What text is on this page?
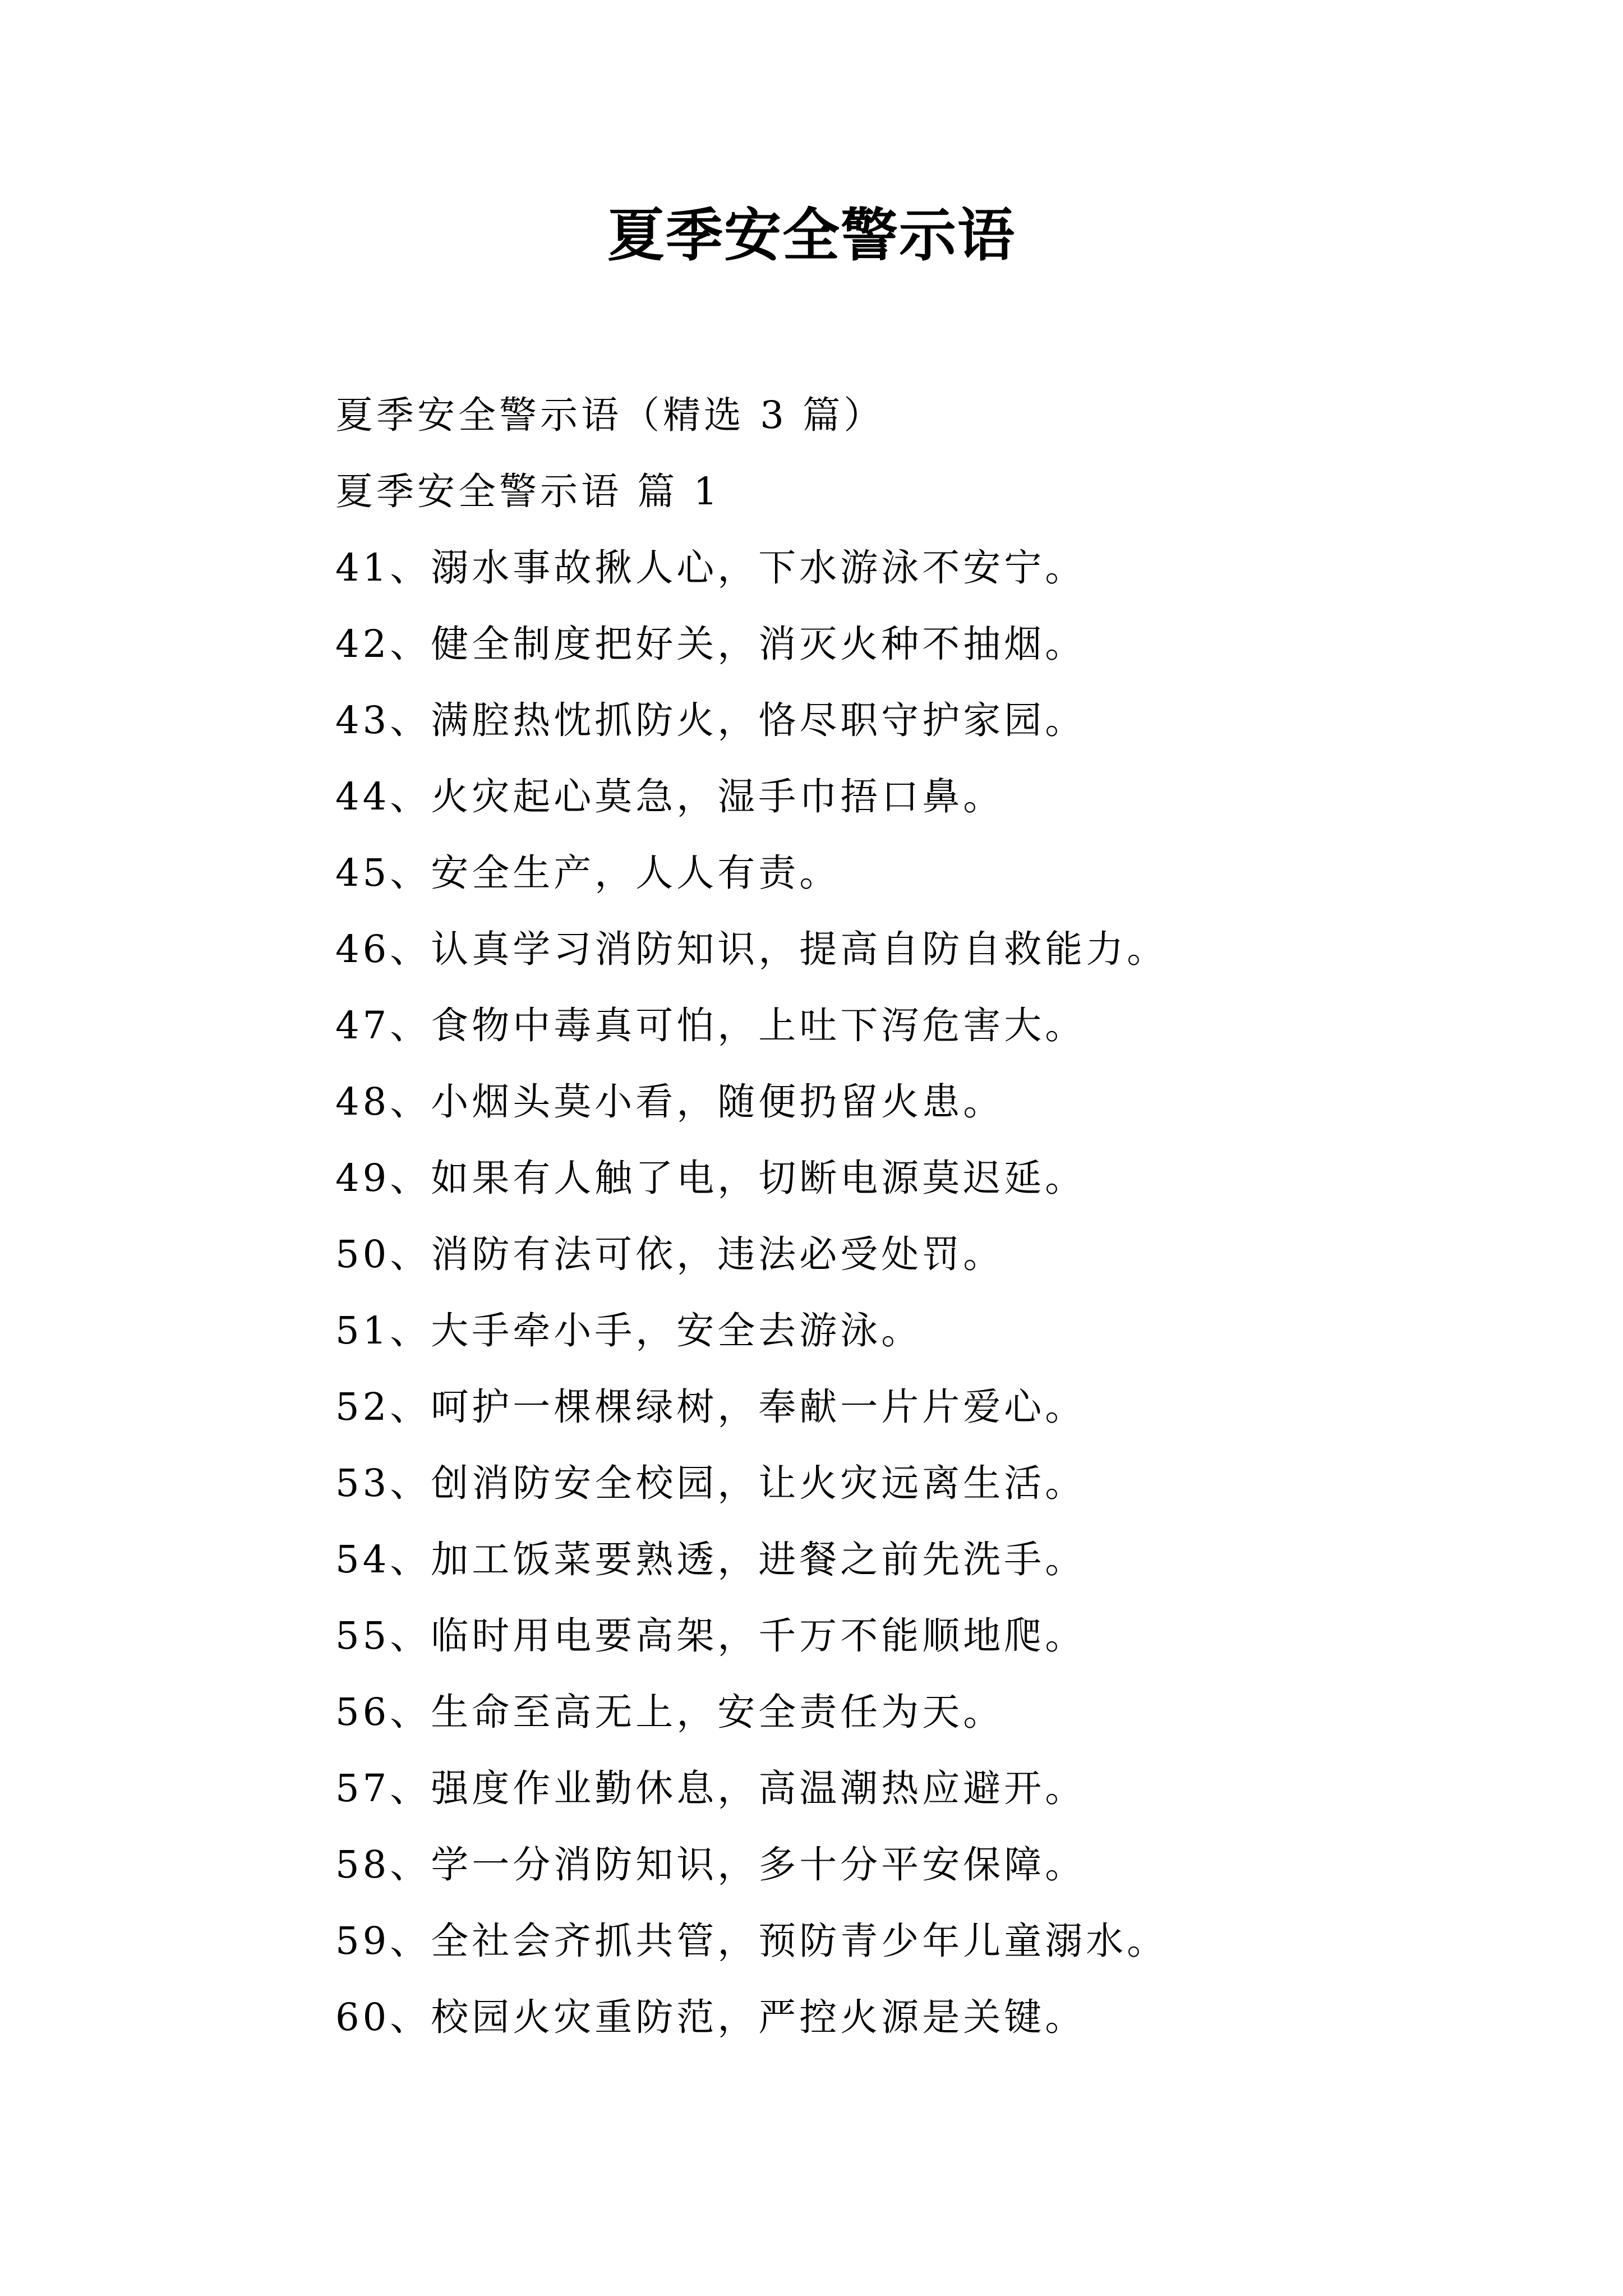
夏季安全警示语
夏季安全警示语（精选 3 篇）
夏季安全警示语 篇 1
41、溺水事故揪人心，下水游泳不安宁。
42、健全制度把好关，消灭火种不抽烟。
43、满腔热忱抓防火，恪尽职守护家园。
44、火灾起心莫急，湿手巾捂口鼻。
45、安全生产，人人有责。
46、认真学习消防知识，提高自防自救能力。
47、食物中毒真可怕，上吐下泻危害大。
48、小烟头莫小看，随便扔留火患。
49、如果有人触了电，切断电源莫迟延。
50、消防有法可依，违法必受处罚。
51、大手牵小手，安全去游泳。
52、呵护一棵棵绿树，奉献一片片爱心。
53、创消防安全校园，让火灾远离生活。
54、加工饭菜要熟透，进餐之前先洗手。
55、临时用电要高架，千万不能顺地爬。
56、生命至高无上，安全责任为天。
57、强度作业勤休息，高温潮热应避开。
58、学一分消防知识，多十分平安保障。
59、全社会齐抓共管，预防青少年儿童溺水。
60、校园火灾重防范，严控火源是关键。
